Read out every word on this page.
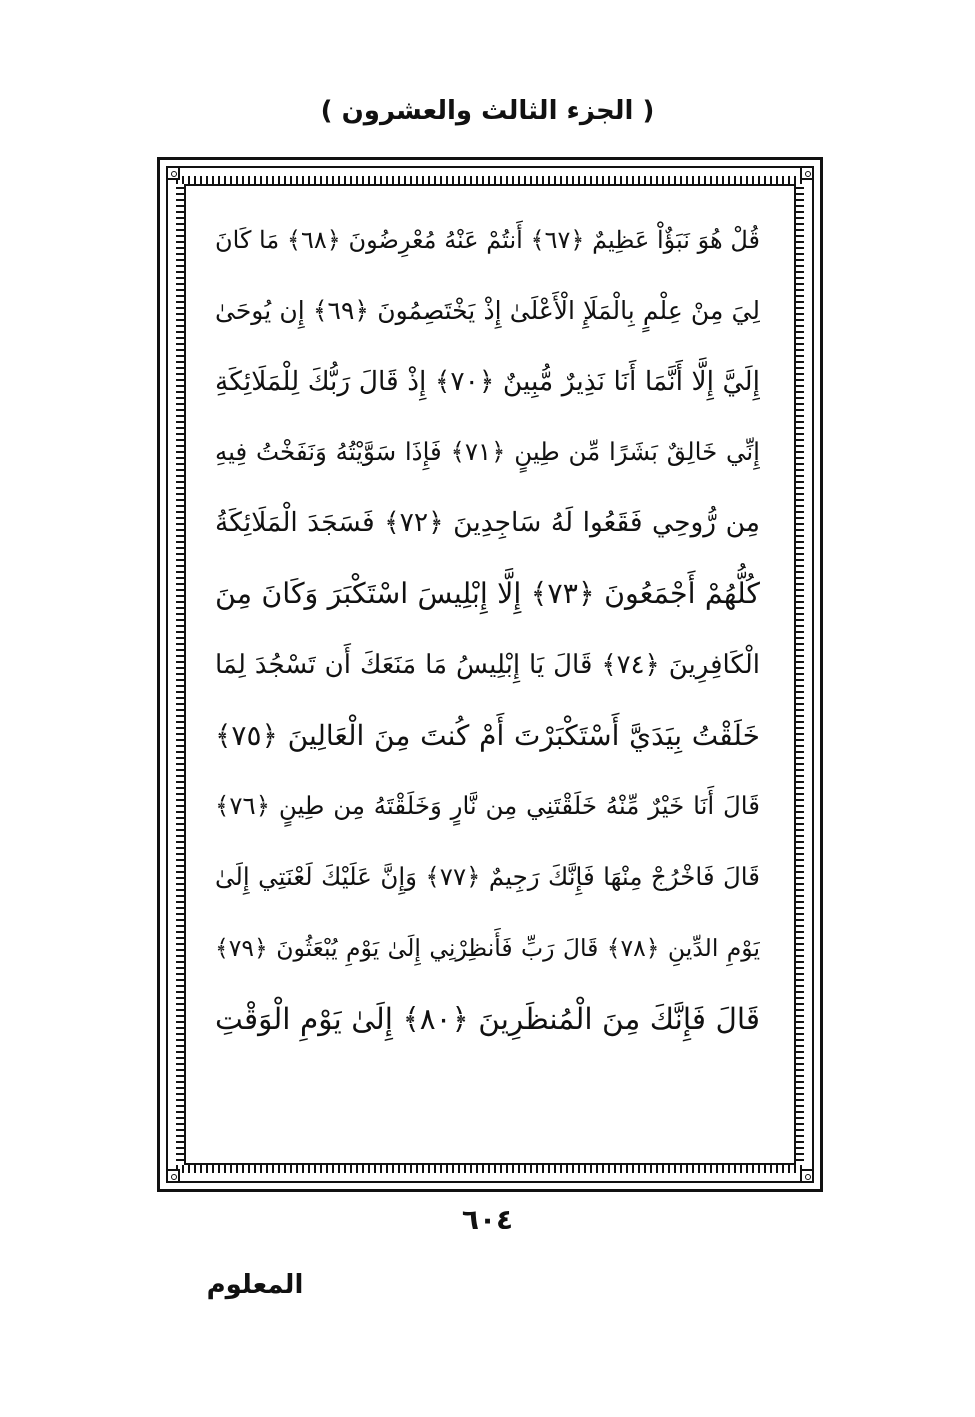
( الجزء الثالث والعشرون )
قُلْ هُوَ نَبَؤٌاْ عَظِيمٌ ﴿٦٧﴾ أَنتُمْ عَنْهُ مُعْرِضُونَ ﴿٦٨﴾ مَا كَانَ
لِيَ مِنْ عِلْمٍ بِالْمَلَإِ الْأَعْلَىٰ إِذْ يَخْتَصِمُونَ ﴿٦٩﴾ إِن يُوحَىٰ
إِلَيَّ إِلَّا أَنَّمَا أَنَا نَذِيرٌ مُّبِينٌ ﴿٧٠﴾ إِذْ قَالَ رَبُّكَ لِلْمَلَائِكَةِ
إِنِّي خَالِقٌ بَشَرًا مِّن طِينٍ ﴿٧١﴾ فَإِذَا سَوَّيْتُهُ وَنَفَخْتُ فِيهِ
مِن رُّوحِي فَقَعُوا لَهُ سَاجِدِينَ ﴿٧٢﴾ فَسَجَدَ الْمَلَائِكَةُ
كُلُّهُمْ أَجْمَعُونَ ﴿٧٣﴾ إِلَّا إِبْلِيسَ اسْتَكْبَرَ وَكَانَ مِنَ
الْكَافِرِينَ ﴿٧٤﴾ قَالَ يَا إِبْلِيسُ مَا مَنَعَكَ أَن تَسْجُدَ لِمَا
خَلَقْتُ بِيَدَيَّ أَسْتَكْبَرْتَ أَمْ كُنتَ مِنَ الْعَالِينَ ﴿٧٥﴾
قَالَ أَنَا خَيْرٌ مِّنْهُ خَلَقْتَنِي مِن نَّارٍ وَخَلَقْتَهُ مِن طِينٍ ﴿٧٦﴾
قَالَ فَاخْرُجْ مِنْهَا فَإِنَّكَ رَجِيمٌ ﴿٧٧﴾ وَإِنَّ عَلَيْكَ لَعْنَتِي إِلَىٰ
يَوْمِ الدِّينِ ﴿٧٨﴾ قَالَ رَبِّ فَأَنظِرْنِي إِلَىٰ يَوْمِ يُبْعَثُونَ ﴿٧٩﴾
قَالَ فَإِنَّكَ مِنَ الْمُنظَرِينَ ﴿٨٠﴾ إِلَىٰ يَوْمِ الْوَقْتِ
٦٠٤
المعلوم
